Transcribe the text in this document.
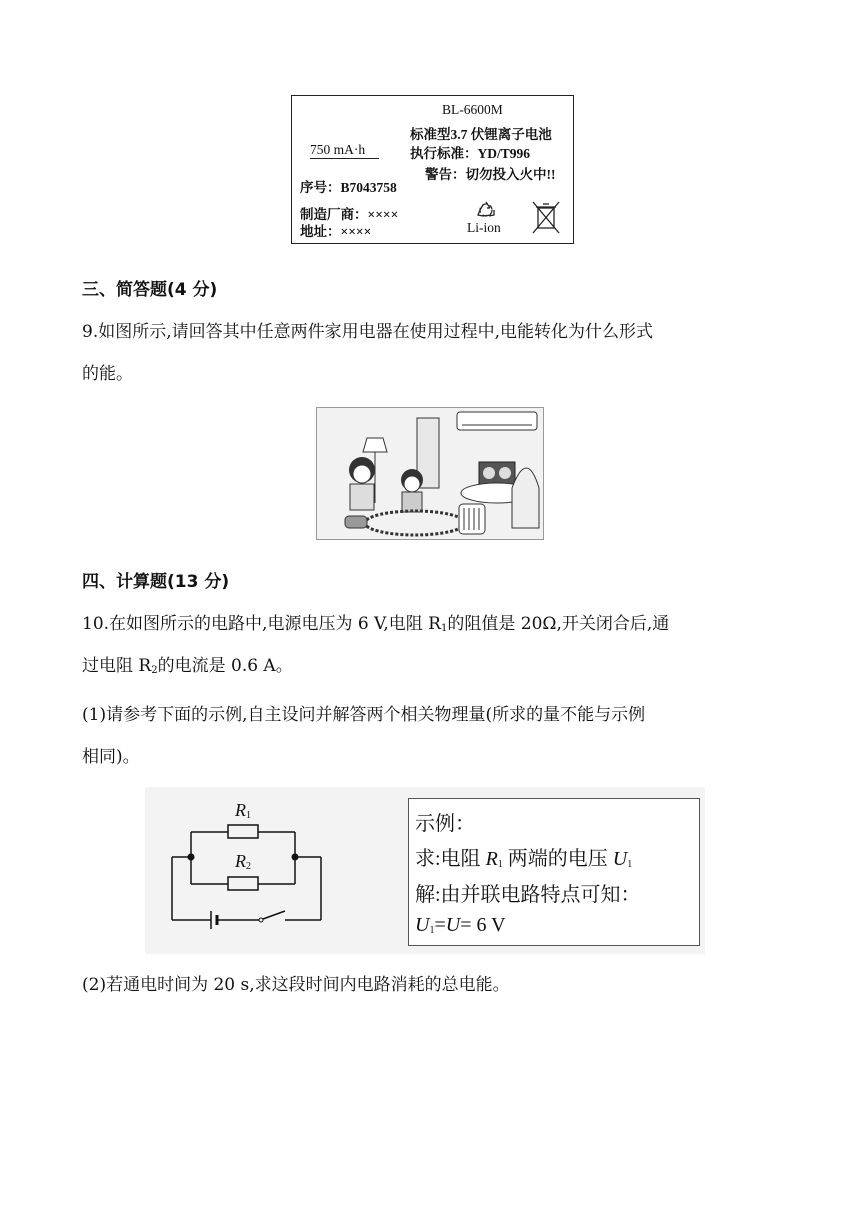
BL-6600M
标准型3.7 伏锂离子电池
750 mA·h	执行标准：YD/T996
警告：切勿投入火中!!
序号：B7043758
制造厂商：××××
地址：××××	Li-ion
三、简答题(4 分)
9.如图所示,请回答其中任意两件家用电器在使用过程中,电能转化为什么形式
的能。
四、计算题(13 分)
10.在如图所示的电路中,电源电压为 6 V,电阻 $R_1$的阻值是 20Ω,开关闭合后,通
过电阻 $R_2$的电流是 0.6 A。
(1)请参考下面的示例,自主设问并解答两个相关物理量(所求的量不能与示例
相同)。
$R_1$
$R_2$
示例：
求:电阻 $R_1$ 两端的电压 $U_1$
解:由并联电路特点可知：
$U_1=U= 6$ V
(2)若通电时间为 20 s,求这段时间内电路消耗的总电能。
